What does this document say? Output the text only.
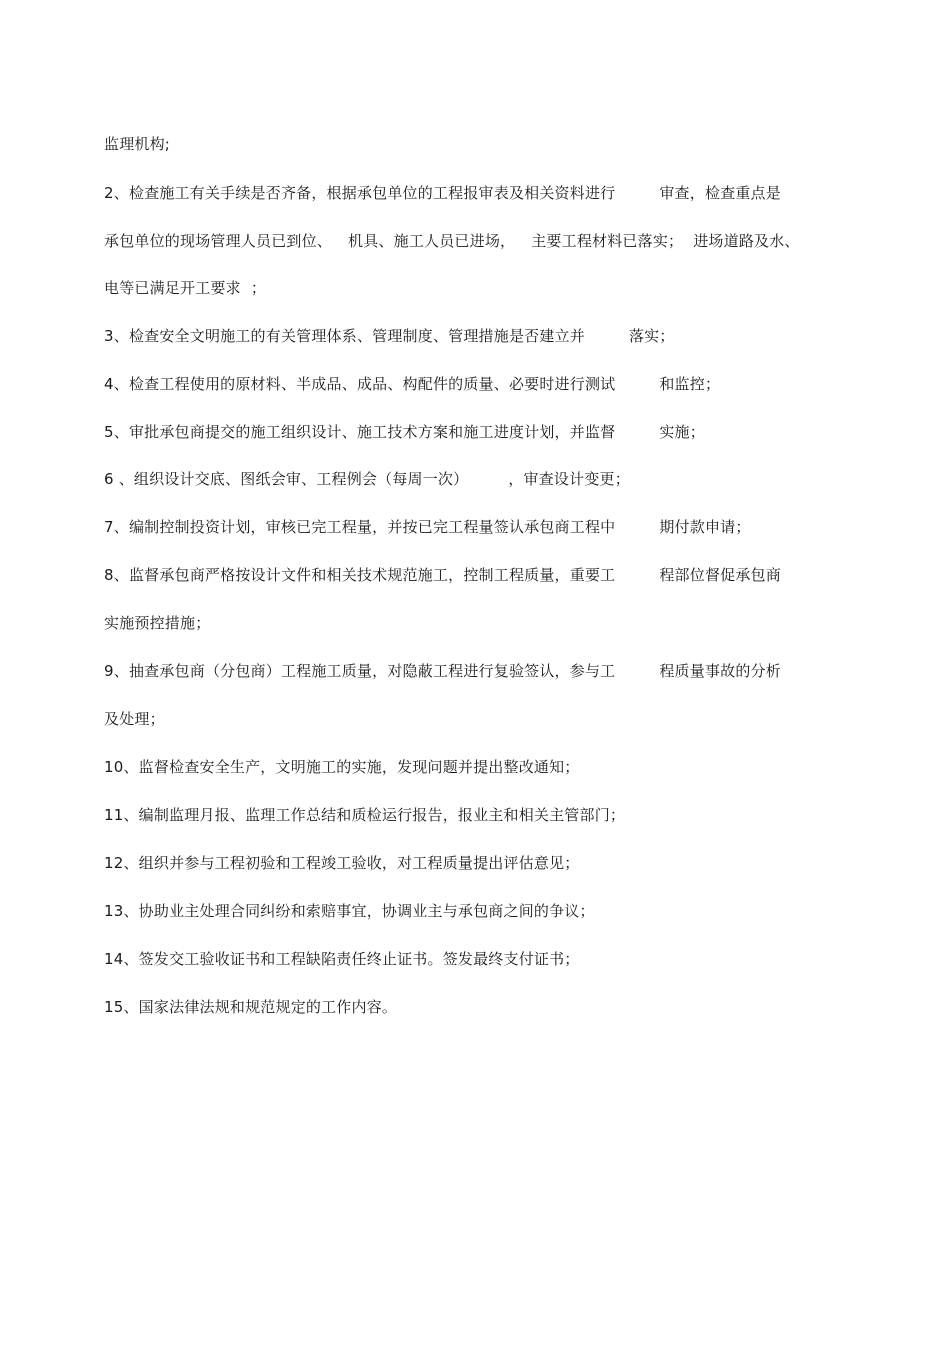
监理机构;
2、检查施工有关手续是否齐备，根据承包单位的工程报审表及相关资料进行	审查，检查重点是
承包单位的现场管理人员已到位、 机具、施工人员已进场， 主要工程材料已落实； 进场道路及水、
电等已满足开工要求 ；
3、检查安全文明施工的有关管理体系、管理制度、管理措施是否建立并	落实；
4、检查工程使用的原材料、半成品、成品、构配件的质量、必要时进行测试	和监控；
5、审批承包商提交的施工组织设计、施工技术方案和施工进度计划，并监督	实施；
6 、组织设计交底、图纸会审、工程例会（每周一次）	，审查设计变更；
7、编制控制投资计划，审核已完工程量，并按已完工程量签认承包商工程中	期付款申请；
8、监督承包商严格按设计文件和相关技术规范施工，控制工程质量，重要工	程部位督促承包商
实施预控措施；
9、抽查承包商（分包商）工程施工质量，对隐蔽工程进行复验签认，参与工	程质量事故的分析
及处理；
10、监督检查安全生产，文明施工的实施，发现问题并提出整改通知；
11、编制监理月报、监理工作总结和质检运行报告，报业主和相关主管部门；
12、组织并参与工程初验和工程竣工验收，对工程质量提出评估意见；
13、协助业主处理合同纠纷和索赔事宜，协调业主与承包商之间的争议；
14、签发交工验收证书和工程缺陷责任终止证书。签发最终支付证书；
15、国家法律法规和规范规定的工作内容。
